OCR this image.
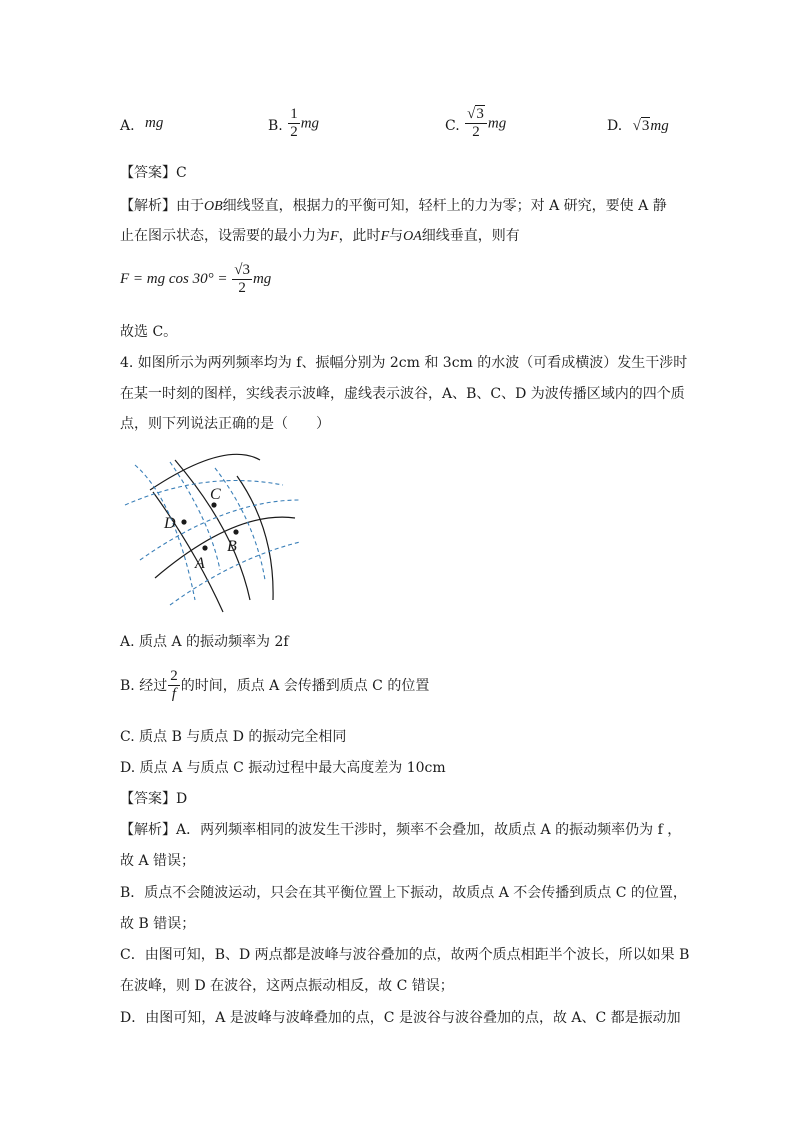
A. mg	B. $\frac{1}{2}$ mg	C. $\frac{√3}{2}$ mg	D. √3mg
【答案】C
【解析】由于OB细线竖直，根据力的平衡可知，轻杆上的力为零；对 A 研究，要使 A 静
止在图示状态，设需要的最小力为F，此时F与OA细线垂直，则有
F = mg $\cos 30^\circ = \frac{√3}{2}$ mg
故选 C。
4. 如图所示为两列频率均为 f、振幅分别为 2cm 和 3cm 的水波（可看成横波）发生干涉时
在某一时刻的图样，实线表示波峰，虚线表示波谷，A、B、C、D 为波传播区域内的四个质
点，则下列说法正确的是（　　）
A
B
C
D
A. 质点 A 的振动频率为 2f
B. 经过 $\frac{2}{f}$ 的时间，质点 A 会传播到质点 C 的位置
C. 质点 B 与质点 D 的振动完全相同
D. 质点 A 与质点 C 振动过程中最大高度差为 10cm
【答案】D
【解析】A．两列频率相同的波发生干涉时，频率不会叠加，故质点 A 的振动频率仍为 f ，
故 A 错误；
B．质点不会随波运动，只会在其平衡位置上下振动，故质点 A 不会传播到质点 C 的位置，
故 B 错误；
C．由图可知，B、D 两点都是波峰与波谷叠加的点，故两个质点相距半个波长，所以如果 B
在波峰，则 D 在波谷，这两点振动相反，故 C 错误；
D．由图可知，A 是波峰与波峰叠加的点，C 是波谷与波谷叠加的点，故 A、C 都是振动加
